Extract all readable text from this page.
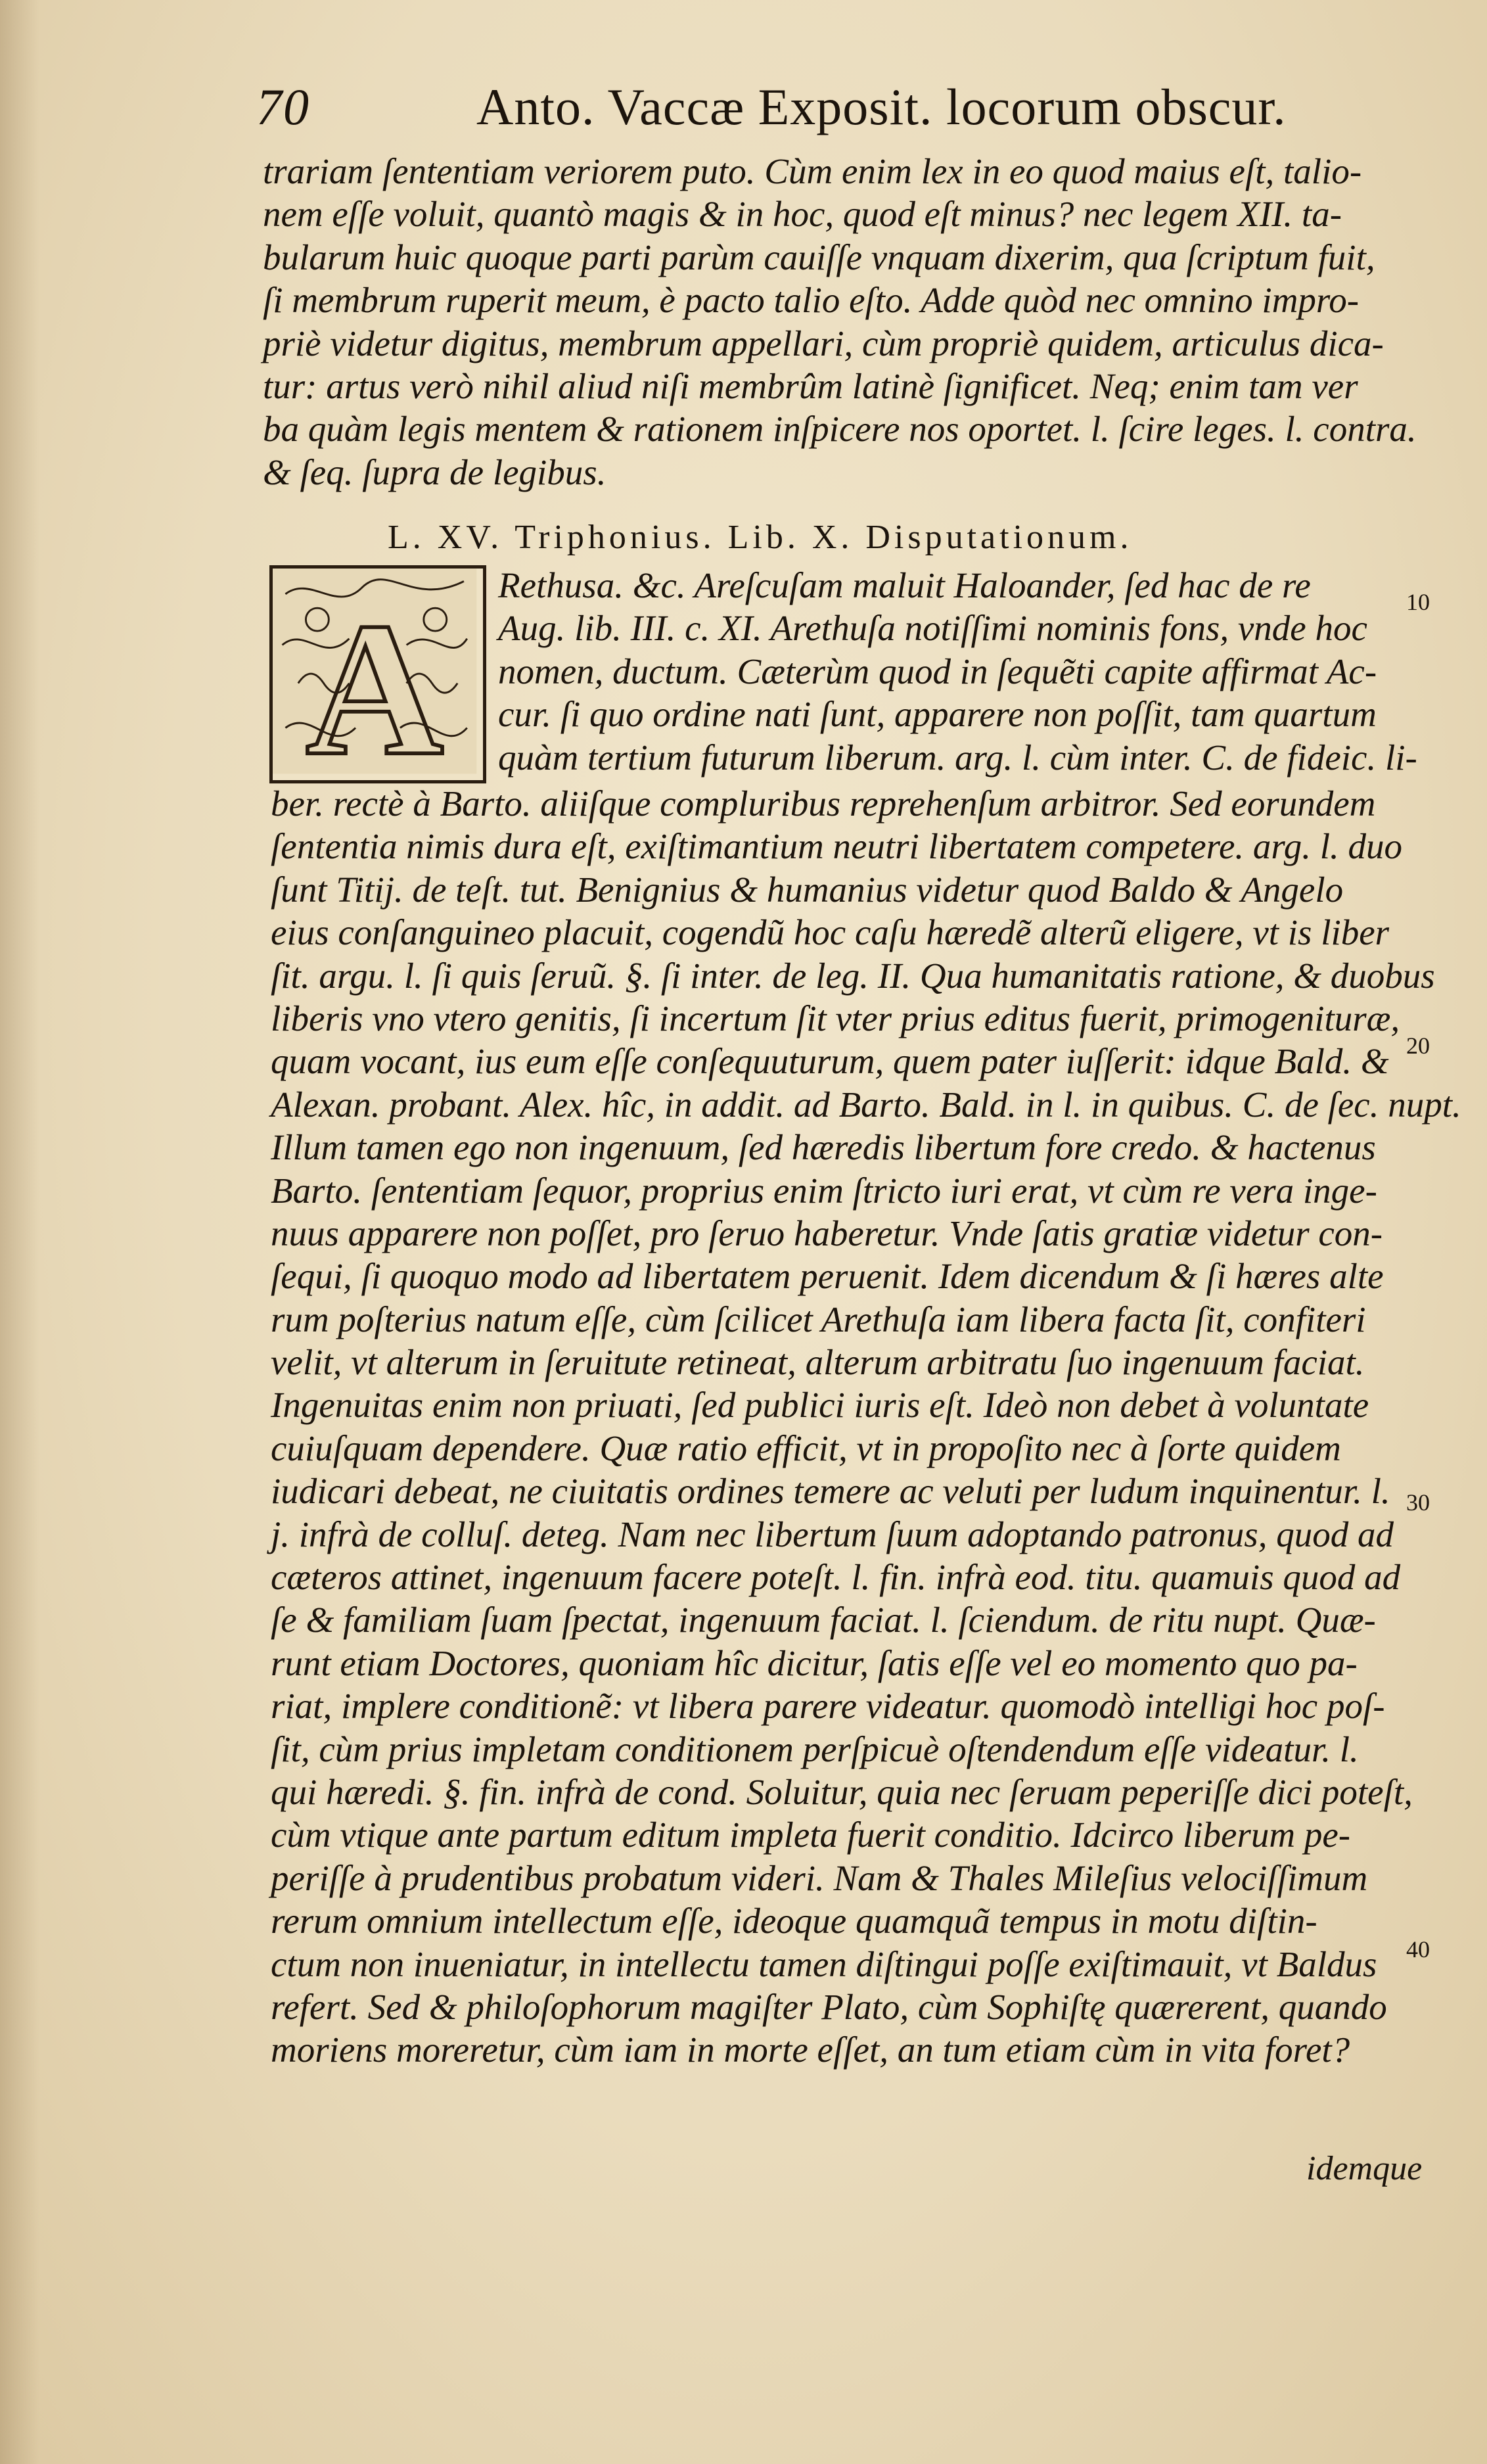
70	Anto. Vaccæ Exposit. locorum obscur.
trariam ſententiam veriorem puto. Cùm enim lex in eo quod maius eſt, talio-
nem eſſe voluit, quantò magis & in hoc, quod eſt minus? nec legem XII. ta-
bularum huic quoque parti parùm cauiſſe vnquam dixerim, qua ſcriptum fuit,
ſi membrum ruperit meum, è pacto talio eſto. Adde quòd nec omnino impro-
priè videtur digitus, membrum appellari, cùm propriè quidem, articulus dica-
tur: artus verò nihil aliud niſi membrûm latinè ſignificet. Neq; enim tam ver
ba quàm legis mentem & rationem inſpicere nos oportet. l. ſcire leges. l. contra.
& ſeq. ſupra de legibus.
L. XV. Triphonius. Lib. X. Disputationum.
A Rethusa. &c. Areſcuſam maluit Haloander, ſed hac de re
Aug. lib. III. c. XI. Arethuſa notiſſimi nominis fons, vnde hoc
nomen, ductum. Cæterùm quod in ſequẽti capite affirmat Ac-
cur. ſi quo ordine nati ſunt, apparere non poſſit, tam quartum
quàm tertium futurum liberum. arg. l. cùm inter. C. de fideic. li-
ber. rectè à Barto. aliiſque compluribus reprehenſum arbitror. Sed eorundem
ſententia nimis dura eſt, exiſtimantium neutri libertatem competere. arg. l. duo
ſunt Titij. de teſt. tut. Benignius & humanius videtur quod Baldo & Angelo
eius conſanguineo placuit, cogendũ hoc caſu hæredẽ alterũ eligere, vt is liber
ſit. argu. l. ſi quis ſeruũ. §. ſi inter. de leg. II. Qua humanitatis ratione, & duobus
liberis vno vtero genitis, ſi incertum ſit vter prius editus fuerit, primogenituræ,
quam vocant, ius eum eſſe conſequuturum, quem pater iuſſerit: idque Bald. &
Alexan. probant. Alex. hîc, in addit. ad Barto. Bald. in l. in quibus. C. de ſec. nupt.
Illum tamen ego non ingenuum, ſed hæredis libertum fore credo. & hactenus
Barto. ſententiam ſequor, proprius enim ſtricto iuri erat, vt cùm re vera inge-
nuus apparere non poſſet, pro ſeruo haberetur. Vnde ſatis gratiæ videtur con-
ſequi, ſi quoquo modo ad libertatem peruenit. Idem dicendum & ſi hæres alte
rum poſterius natum eſſe, cùm ſcilicet Arethuſa iam libera facta ſit, confiteri
velit, vt alterum in ſeruitute retineat, alterum arbitratu ſuo ingenuum faciat.
Ingenuitas enim non priuati, ſed publici iuris eſt. Ideò non debet à voluntate
cuiuſquam dependere. Quæ ratio efficit, vt in propoſito nec à ſorte quidem
iudicari debeat, ne ciuitatis ordines temere ac veluti per ludum inquinentur. l.
j. infrà de colluſ. deteg. Nam nec libertum ſuum adoptando patronus, quod ad
cæteros attinet, ingenuum facere poteſt. l. fin. infrà eod. titu. quamuis quod ad
ſe & familiam ſuam ſpectat, ingenuum faciat. l. ſciendum. de ritu nupt. Quæ-
runt etiam Doctores, quoniam hîc dicitur, ſatis eſſe vel eo momento quo pa-
riat, implere conditionẽ: vt libera parere videatur. quomodò intelligi hoc poſ-
ſit, cùm prius impletam conditionem perſpicuè oſtendendum eſſe videatur. l.
qui hæredi. §. fin. infrà de cond. Soluitur, quia nec ſeruam peperiſſe dici poteſt,
cùm vtique ante partum editum impleta fuerit conditio. Idcirco liberum pe-
periſſe à prudentibus probatum videri. Nam & Thales Mileſius velociſſimum
rerum omnium intellectum eſſe, ideoque quamquã tempus in motu diſtin-
ctum non inueniatur, in intellectu tamen diſtingui poſſe exiſtimauit, vt Baldus
refert. Sed & philoſophorum magiſter Plato, cùm Sophiſtę quærerent, quando
moriens moreretur, cùm iam in morte eſſet, an tum etiam cùm in vita foret?
10
20
30
40
idemque
